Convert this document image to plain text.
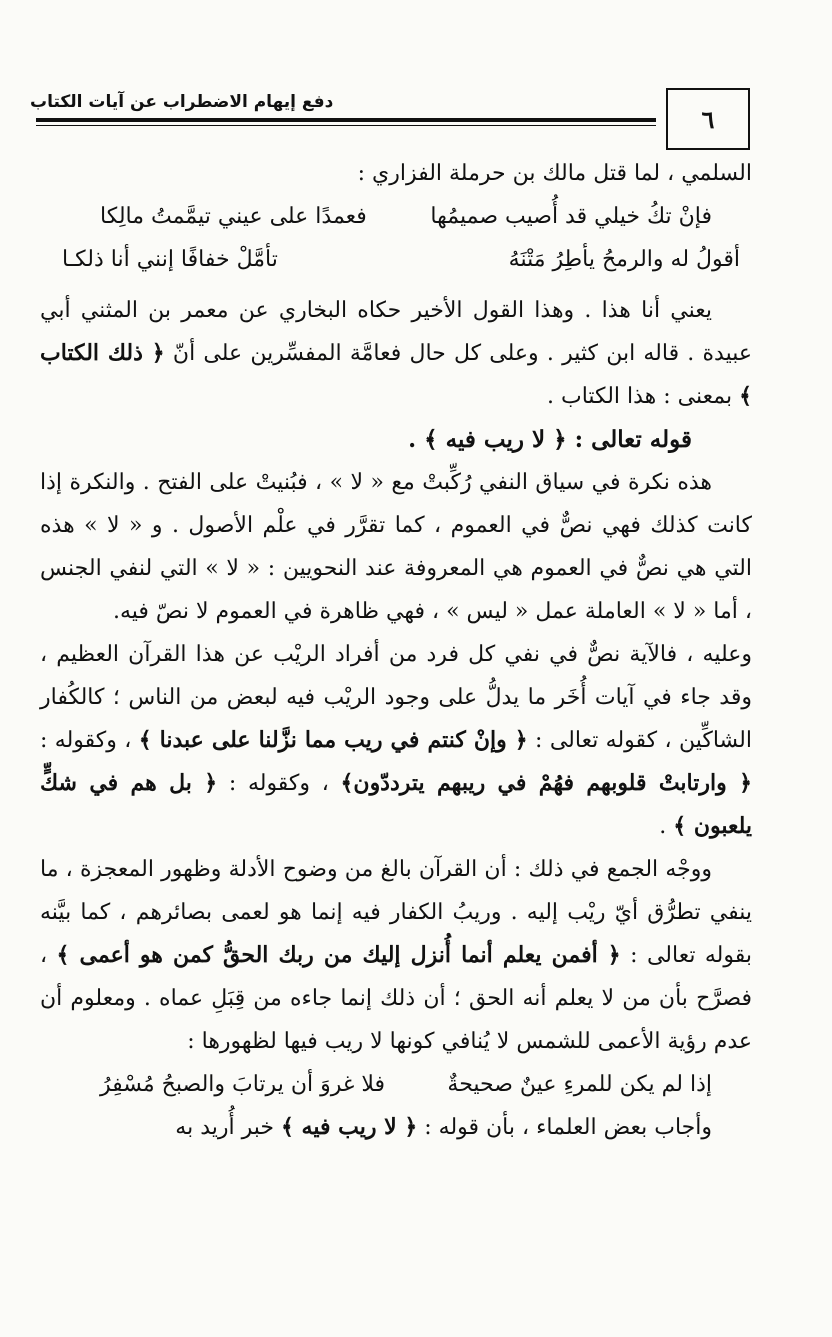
دفع إيهام الاضطراب عن آيات الكتاب
٦

السلمي ، لما قتل مالك بن حرملة الفزاري :

فإنْ تكُ خيلي قد أُصيب صميمُها
فعمدًا على عيني تيمَّمتُ مالِكا
أقولُ له والرمحُ يأطِرُ مَتْنَهُ
تأمَّلْ خفافًا إنني أنا ذلكـا

يعني أنا هذا . وهذا القول الأخير حكاه البخاري عن معمر بن المثني أبي عبيدة . قاله ابن كثير . وعلى كل حال فعامَّة المفسِّرين على أنّ ﴿ ذلك الكتاب ﴾ بمعنى : هذا الكتاب .

قوله تعالى : ﴿ لا ريب فيه ﴾ .

هذه نكرة في سياق النفي رُكِّبتْ مع « لا » ، فبُنيتْ على الفتح . والنكرة إذا كانت كذلك فهي نصٌّ في العموم ، كما تقرَّر في علْم الأصول . و « لا » هذه التي هي نصٌّ في العموم هي المعروفة عند النحويين : « لا » التي لنفي الجنس ، أما « لا » العاملة عمل « ليس » ، فهي ظاهرة في العموم لا نصّ فيه.

وعليه ، فالآية نصٌّ في نفي كل فرد من أفراد الريْب عن هذا القرآن العظيم ، وقد جاء في آيات أُخَر ما يدلُّ على وجود الريْب فيه لبعض من الناس ؛ كالكُفار الشاكِّين ، كقوله تعالى : ﴿ وإنْ كنتم في ريب مما نزَّلنا على عبدنا ﴾ ، وكقوله : ﴿ وارتابتْ قلوبهم فهُمْ في ريبهم يترددّون﴾ ، وكقوله : ﴿ بل هم في شكٍّ يلعبون ﴾ .

ووجْه الجمع في ذلك : أن القرآن بالغ من وضوح الأدلة وظهور المعجزة ، ما ينفي تطرُّق أيّ ريْب إليه . وريبُ الكفار فيه إنما هو لعمى بصائرهم ، كما بيَّنه بقوله تعالى : ﴿ أفمن يعلم أنما أُنزل إليك من ربك الحقُّ كمن هو أعمى ﴾ ، فصرَّح بأن من لا يعلم أنه الحق ؛ أن ذلك إنما جاءه من قِبَلِ عماه . ومعلوم أن عدم رؤية الأعمى للشمس لا يُنافي كونها لا ريب فيها لظهورها :

إذا لم يكن للمرءِ عينٌ صحيحةٌ
فلا غروَ أن يرتابَ والصبحُ مُسْفِرُ

وأجاب بعض العلماء ، بأن قوله : ﴿ لا ريب فيه ﴾ خبر أُريد به
